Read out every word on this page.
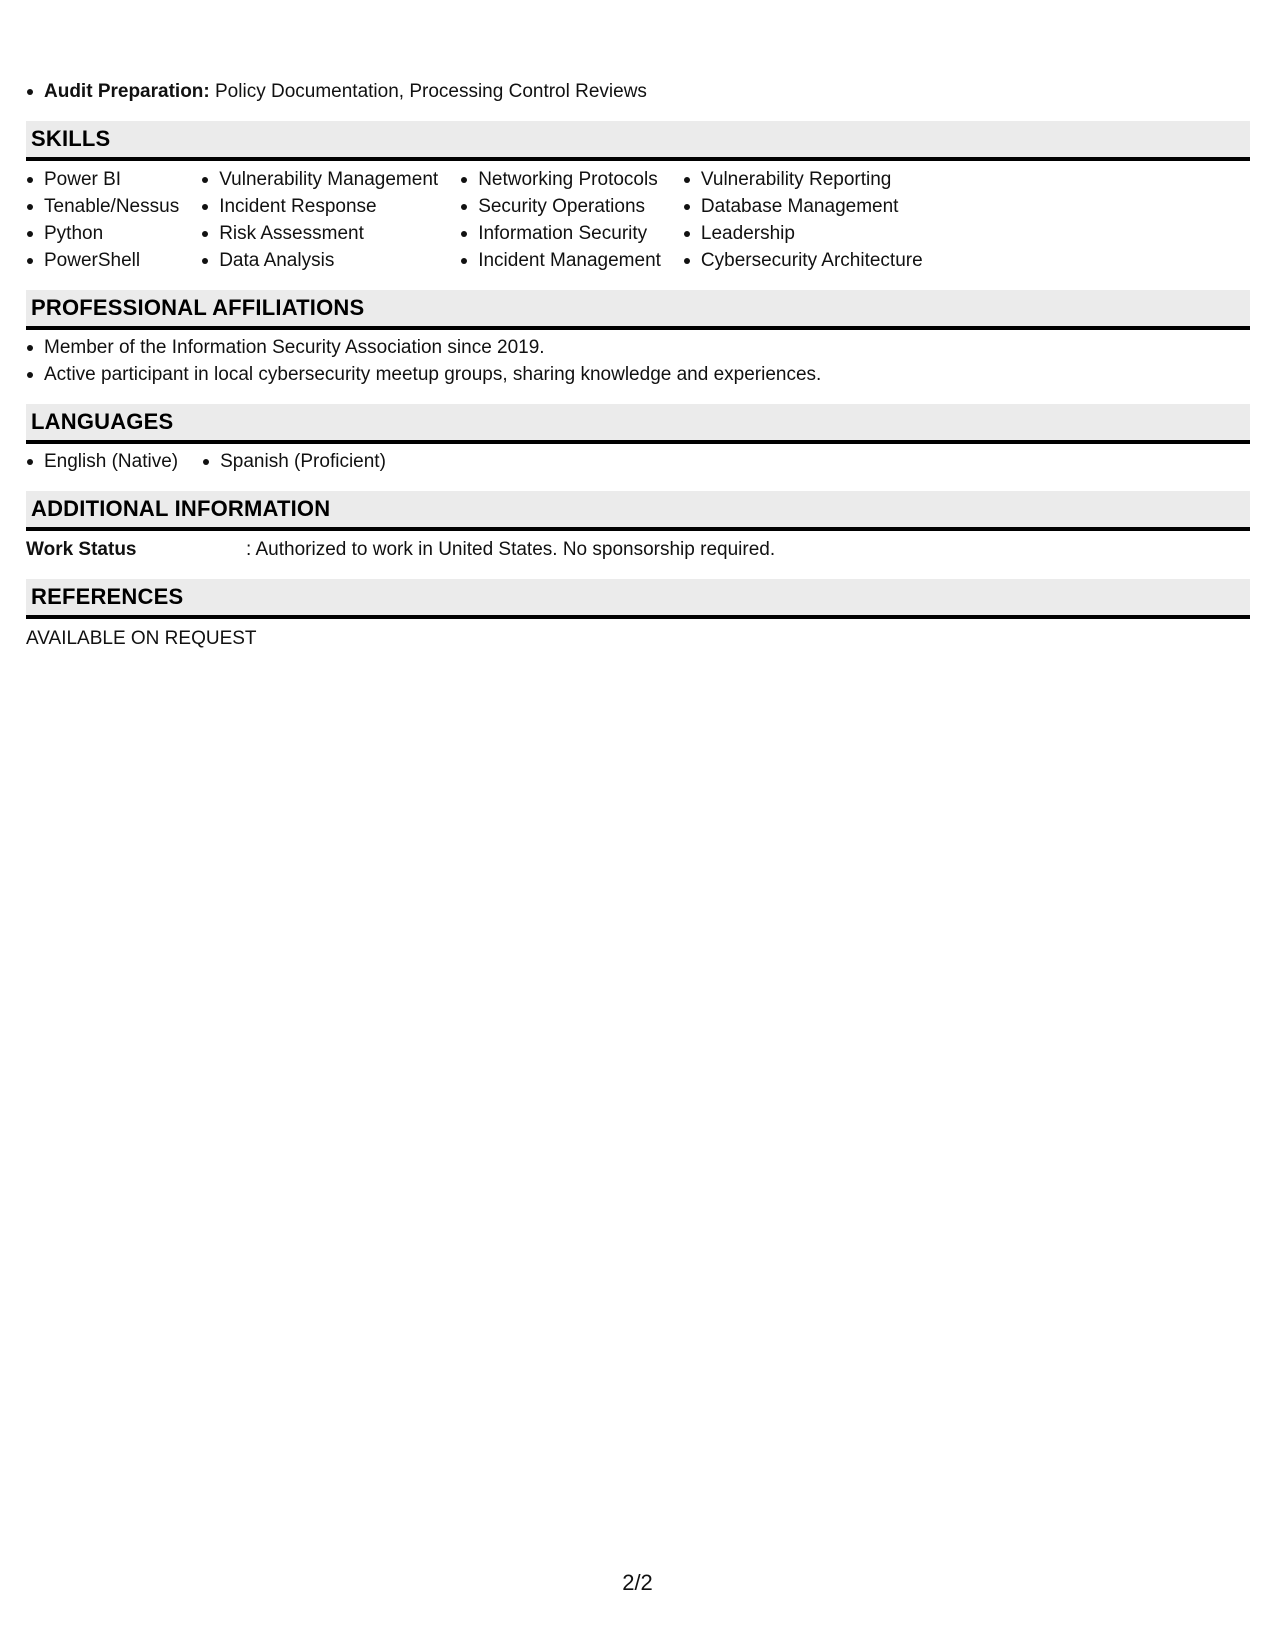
Audit Preparation: Policy Documentation, Processing Control Reviews
SKILLS
Power BI
Tenable/Nessus
Python
PowerShell
Vulnerability Management
Incident Response
Risk Assessment
Data Analysis
Networking Protocols
Security Operations
Information Security
Incident Management
Vulnerability Reporting
Database Management
Leadership
Cybersecurity Architecture
PROFESSIONAL AFFILIATIONS
Member of the Information Security Association since 2019.
Active participant in local cybersecurity meetup groups, sharing knowledge and experiences.
LANGUAGES
English (Native)	Spanish (Proficient)
ADDITIONAL INFORMATION
Work Status	: Authorized to work in United States. No sponsorship required.
REFERENCES

AVAILABLE ON REQUEST

2/2
